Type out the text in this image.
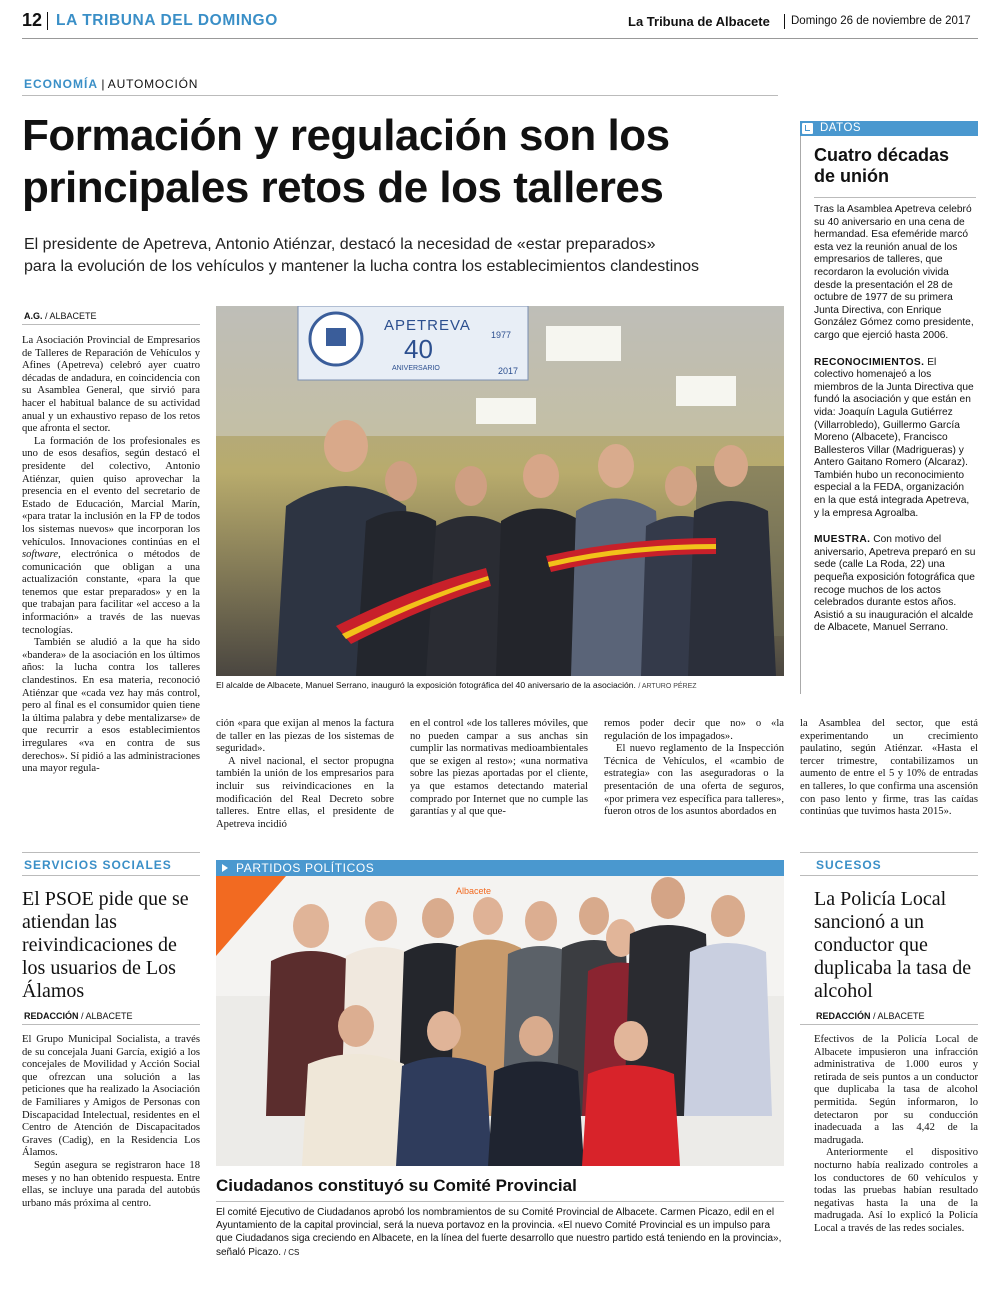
12 LA TRIBUNA DEL DOMINGO	La Tribuna de Albacete Domingo 26 de noviembre de 2017
ECONOMÍA | AUTOMOCIÓN
Formación y regulación son los
principales retos de los talleres
El presidente de Apetreva, Antonio Atiénzar, destacó la necesidad de «estar preparados»
para la evolución de los vehículos y mantener la lucha contra los establecimientos clandestinos
A.G. / ALBACETE

La Asociación Provincial de Empresarios de Talleres de Reparación de Vehículos y Afines (Apetreva) celebró ayer cuatro décadas de andadura, en coincidencia con su Asamblea General, que sirvió para hacer el habitual balance de su actividad anual y un exhaustivo repaso de los retos que afronta el sector.

La formación de los profesionales es uno de esos desafíos, según destacó el presidente del colectivo, Antonio Atiénzar, quien quiso aprovechar la presencia en el evento del secretario de Estado de Educación, Marcial Marín, «para tratar la inclusión en la FP de todos los sistemas nuevos» que incorporan los vehículos. Innovaciones continúas en el software, electrónica o métodos de comunicación que obligan a una actualización constante, «para la que tenemos que estar preparados» y en la que trabajan para facilitar «el acceso a la información» a través de las nuevas tecnologías.

También se aludió a la que ha sido «bandera» de la asociación en los últimos años: la lucha contra los talleres clandestinos. En esa materia, reconoció Atiénzar que «cada vez hay más control, pero al final es el consumidor quien tiene la última palabra y debe mentalizarse» de que recurrir a esos establecimientos irregulares «va en contra de sus derechos». Sí pidió a las administraciones una mayor regula-

APETREVA
40
ANIVERSARIO
1977
2017
El alcalde de Albacete, Manuel Serrano, inauguró la exposición fotográfica del 40 aniversario de la asociación. / ARTURO PÉREZ

ción «para que exijan al menos la factura de taller en las piezas de los sistemas de seguridad».

A nivel nacional, el sector propugna también la unión de los empresarios para incluir sus reivindicaciones en la modificación del Real Decreto sobre talleres. Entre ellas, el presidente de Apetreva incidió

en el control «de los talleres móviles, que no pueden campar a sus anchas sin cumplir las normativas medioambientales que se exigen al resto»; «una normativa sobre las piezas aportadas por el cliente, ya que estamos detectando material comprado por Internet que no cumple las garantías y al que que-

remos poder decir que no» o «la regulación de los impagados».

El nuevo reglamento de la Inspección Técnica de Vehículos, el «cambio de estrategia» con las aseguradoras o la presentación de una oferta de seguros, «por primera vez específica para talleres», fueron otros de los asuntos abordados en

la Asamblea del sector, que está experimentando un crecimiento paulatino, según Atiénzar. «Hasta el tercer trimestre, contabilizamos un aumento de entre el 5 y 10% de entradas en talleres, lo que confirma una ascensión con paso lento y firme, tras las caídas continúas que tuvimos hasta 2015».

DATOS
Cuatro décadas de unión

Tras la Asamblea Apetreva celebró su 40 aniversario en una cena de hermandad. Esa efeméride marcó esta vez la reunión anual de los empresarios de talleres, que recordaron la evolución vivida desde la presentación el 28 de octubre de 1977 de su primera Junta Directiva, con Enrique González Gómez como presidente, cargo que ejerció hasta 2006.

RECONOCIMIENTOS. El colectivo homenajeó a los miembros de la Junta Directiva que fundó la asociación y que están en vida: Joaquín Lagula Gutiérrez (Villarrobledo), Guillermo García Moreno (Albacete), Francisco Ballesteros Villar (Madrigueras) y Antero Gaitano Romero (Alcaraz). También hubo un reconocimiento especial a la FEDA, organización en la que está integrada Apetreva, y la empresa Agroalba.

MUESTRA. Con motivo del aniversario, Apetreva preparó en su sede (calle La Roda, 22) una pequeña exposición fotográfica que recoge muchos de los actos celebrados durante estos años. Asistió a su inauguración el alcalde de Albacete, Manuel Serrano.

SERVICIOS SOCIALES
El PSOE pide que se atiendan las reivindicaciones de los usuarios de Los Álamos
REDACCIÓN / ALBACETE

El Grupo Municipal Socialista, a través de su concejala Juani García, exigió a los concejales de Movilidad y Acción Social que ofrezcan una solución a las peticiones que ha realizado la Asociación de Familiares y Amigos de Personas con Discapacidad Intelectual, residentes en el Centro de Atención de Discapacitados Graves (Cadig), en la Residencia Los Álamos.

Según asegura se registraron hace 18 meses y no han obtenido respuesta. Entre ellas, se incluye una parada del autobús urbano más próxima al centro.

PARTIDOS POLÍTICOS
Albacete
Ciudadanos constituyó su Comité Provincial
El comité Ejecutivo de Ciudadanos aprobó los nombramientos de su Comité Provincial de Albacete. Carmen Picazo, edil en el Ayuntamiento de la capital provincial, será la nueva portavoz en la provincia. «El nuevo Comité Provincial es un impulso para que Ciudadanos siga creciendo en Albacete, en la línea del fuerte desarrollo que nuestro partido está teniendo en la provincia», señaló Picazo. / CS
SUCESOS
La Policía Local sancionó a un conductor que duplicaba la tasa de alcohol
REDACCIÓN / ALBACETE

Efectivos de la Policía Local de Albacete impusieron una infracción administrativa de 1.000 euros y retirada de seis puntos a un conductor que duplicaba la tasa de alcohol permitida. Según informaron, lo detectaron por su conducción inadecuada a las 4,42 de la madrugada.

Anteriormente el dispositivo nocturno había realizado controles a los conductores de 60 vehículos y todas las pruebas habían resultado negativas hasta la una de la madrugada. Así lo explicó la Policía Local a través de las redes sociales.
